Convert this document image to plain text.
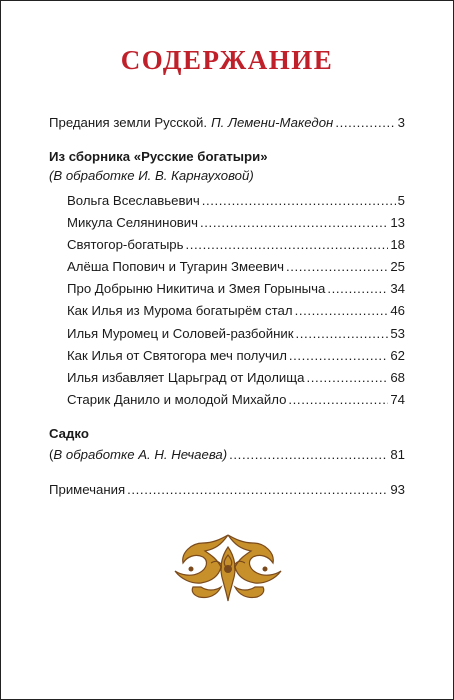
СОДЕРЖАНИЕ
Предания земли Русской. П. Лемени-Македон .....	3
Из сборника «Русские богатыри»
(В обработке И. В. Карнауховой)
Вольга Всеславьевич .....	5
Микула Селянинович .....	13
Святогор-богатырь .....	18
Алёша Попович и Тугарин Змеевич .....	25
Про Добрыню Никитича и Змея Горыныча .....	34
Как Илья из Мурома богатырём стал .....	46
Илья Муромец и Соловей-разбойник .....	53
Как Илья от Святогора меч получил .....	62
Илья избавляет Царьград от Идолища .....	68
Старик Данило и молодой Михайло .....	74
Садко
( В обработке А. Н. Нечаева) .....	81
Примечания .....	93
